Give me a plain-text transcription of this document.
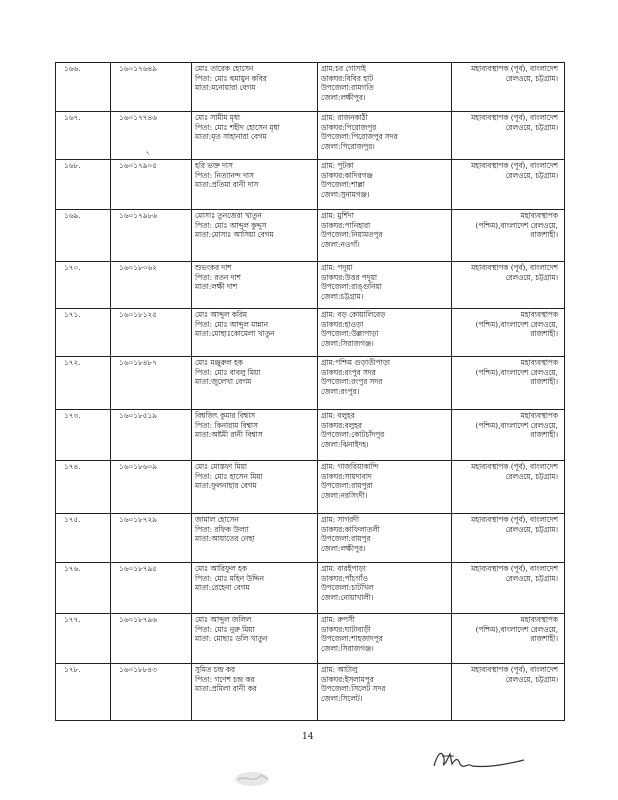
১৬৬.	১৬০১৭৬৪৯	মোঃ তারেক হোসেন
পিতা: মোঃ হুমায়ুন কবির
মাতা:মনোয়ারা বেগম	গ্রাম:চর গোসাই
ডাকঘর:বিবির হাট
উপজেলা:রামগতি
জেলা:লক্ষীপুর।	মহাব্যবস্থাপক (পূর্ব), বাংলাদেশ রেলওয়ে, চট্টগ্রাম।

১৬৭.	১৬০১৭৭৪৬	মোঃ সামীম মৃধা
পিতা: মোঃ শহীদ হোসেন মৃধা
মাতা:মৃত সাহানারা বেগম	গ্রাম: রাজনকাঠী
ডাকঘর:পিরোজপুর
উপজেলা:পিরোজপুর সদর
জেলা:পিরোজপুর।	মহাব্যবস্থাপক (পূর্ব), বাংলাদেশ রেলওয়ে, চট্টগ্রাম।

১৬৮.	১৬০১৭৯০৫	হরি ভক্ত দাস
পিতা: নিত্যানন্দ দাস
মাতা:প্রতিমা রানী দাস	গ্রাম: পুটকা
ডাকঘর:কাদিরগঞ্জ
উপজেলা:শাল্লা
জেলা:সুনামগঞ্জ।	মহাব্যবস্থাপক (পূর্ব), বাংলাদেশ রেলওয়ে, চট্টগ্রাম।

১৬৯.	১৬০১৭৯৮৬	মোসাঃ তুনজেরা খাতুন
পিতা: মোঃ আব্দুল কুদ্দুস
মাতা:মোসাঃ আসিয়া বেগম	গ্রাম: মুর্শিদা
ডাকঘর:পানিহারা
উপজেলা:নিয়ামতপুর
জেলা:নওগাঁ।	মহাব্যবস্থাপক (পশ্চিম),বাংলাদেশ রেলওয়ে, রাজশাহী।

১৭০.	১৬০১৮০৬২	শুভংকর দাশ
পিতা: রতন দাশ
মাতা:লক্ষী দাশ	গ্রাম: পদুয়া
ডাকঘর:উত্তর পদুয়া
উপজেলা:রাঙ্গুনিয়া
জেলা:চট্টগ্রাম।	মহাব্যবস্থাপক (পূর্ব), বাংলাদেশ রেলওয়ে, চট্টগ্রাম।

১৭১.	১৬০১৮১২৫	মোঃ আব্দুল করিম
পিতা: মোঃ আব্দুল মান্নান
মাতা:মোছাঃকোমেলা খাতুন	গ্রাম: বড় কোয়ালিবেড়
ডাকঘর:হাওড়া
উপজেলা:উল্লাপাড়া
জেলা:সিরাজগঞ্জ।	মহাব্যবস্থাপক (পশ্চিম),বাংলাদেশ রেলওয়ে, রাজশাহী।

১৭২.	১৬০১৮৪৮৭	মোঃ মঞ্জুরুল হক
পিতা: মোঃ বাবলু মিয়া
মাতা:জুলেখা বেগম	গ্রাম:পশ্চিম গুড়াতীপাড়া
ডাকঘর:রংপুর সদর
উপজেলা:রংপুর সদর
জেলা:রংপুর।	মহাব্যবস্থাপক (পশ্চিম),বাংলাদেশ রেলওয়ে, রাজশাহী।

১৭৩.	১৬০১৮৫১৯	বিশ্বজিৎ কুমার বিশ্বাস
পিতা: কিনারাম বিশ্বাস
মাতা:অষ্টমী রানী বিশ্বাস	গ্রাম: বলুহর
ডাকঘর:বলুহর
উপজেলা:কোটচাঁদপুর
জেলা:ঝিনাইদহ।	মহাব্যবস্থাপক (পশ্চিম),বাংলাদেশ রেলওয়ে, রাজশাহী।

১৭৪.	১৬০১৮৬০৯	মোঃ মোস্তফা মিয়া
পিতা: মোঃ হাসেন মিয়া
মাতা:ফুলনাহার বেগম	গ্রাম: গাজরিয়াকান্দি
ডাকঘর:সায়দাবাদ
উপজেলা:রায়পুরা
জেলা:নরসিংদী।	মহাব্যবস্থাপক (পূর্ব), বাংলাদেশ রেলওয়ে, চট্টগ্রাম।

১৭৫.	১৬০১৮৭২৯	জামাল হোসেন
পিতা: রফিক উল্যা
মাতা:আয়াতের নেছা	গ্রাম: সাগরদী
ডাকঘর:কাফিলাতলী
উপজেলা:রায়পুর
জেলা:লক্ষীপুর।	মহাব্যবস্থাপক (পূর্ব), বাংলাদেশ রেলওয়ে, চট্টগ্রাম।

১৭৬.	১৬০১৮৭৯৫	মোঃ আরিফুল হক
পিতা: মোঃ মহিন উদ্দিন
মাতা:রেহেনা বেগম	গ্রাম: বারইপাড়া
ডাকঘর:পাঁচগাঁও
উপজেলা:চাটখিল
জেলা:নোয়াখালী।	মহাব্যবস্থাপক (পূর্ব), বাংলাদেশ রেলওয়ে, চট্টগ্রাম।

১৭৭.	১৬০১৮৭৯৬	মোঃ আব্দুল জলিল
পিতা: মোঃ নুরু মিয়া
মাতা: মোছাঃ ডলি খাতুন	গ্রাম: রুপসী
ডাকঘর:ঘাটাবাড়ী
উপজেলা:শাহজাদপুর
জেলা:সিরাজগঞ্জ।	মহাব্যবস্থাপক (পশ্চিম),বাংলাদেশ রেলওয়ে, রাজশাহী।

১৭৮.	১৬০১৮৮৪৩	সুমিত চন্দ্র কর
পিতা: গণেশ চন্দ্র কর
মাতা:প্রমিলা রানী কর	গ্রাম: আটালু
ডাকঘর:ইসলামপুর
উপজেলা:সিলেট সদর
জেলা:সিলেট।	মহাব্যবস্থাপক (পূর্ব), বাংলাদেশ রেলওয়ে, চট্টগ্রাম।
৲
14
